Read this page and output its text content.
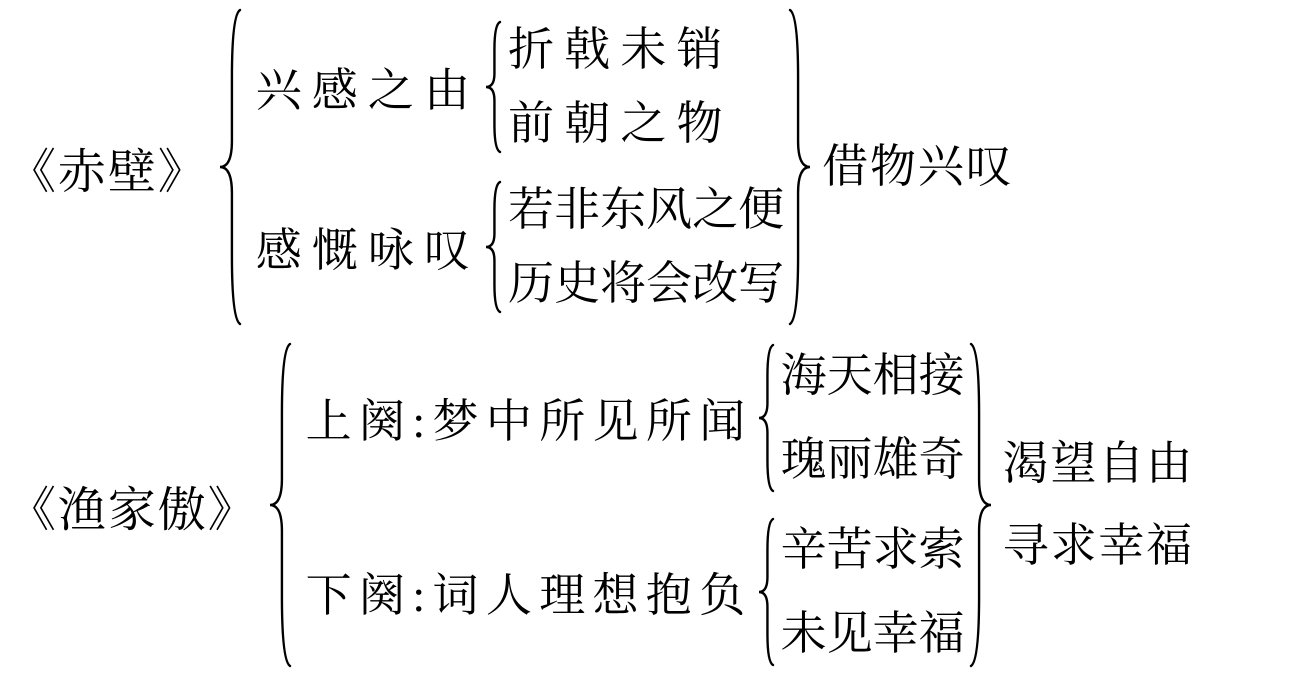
《赤壁》
兴感之由
折戟未销
前朝之物
感慨咏叹
若非东风之便
历史将会改写
借物兴叹
《渔家傲》
上阕:梦中所见所闻
海天相接
瑰丽雄奇
下阕:词人理想抱负
辛苦求索
未见幸福
渴望自由
寻求幸福
